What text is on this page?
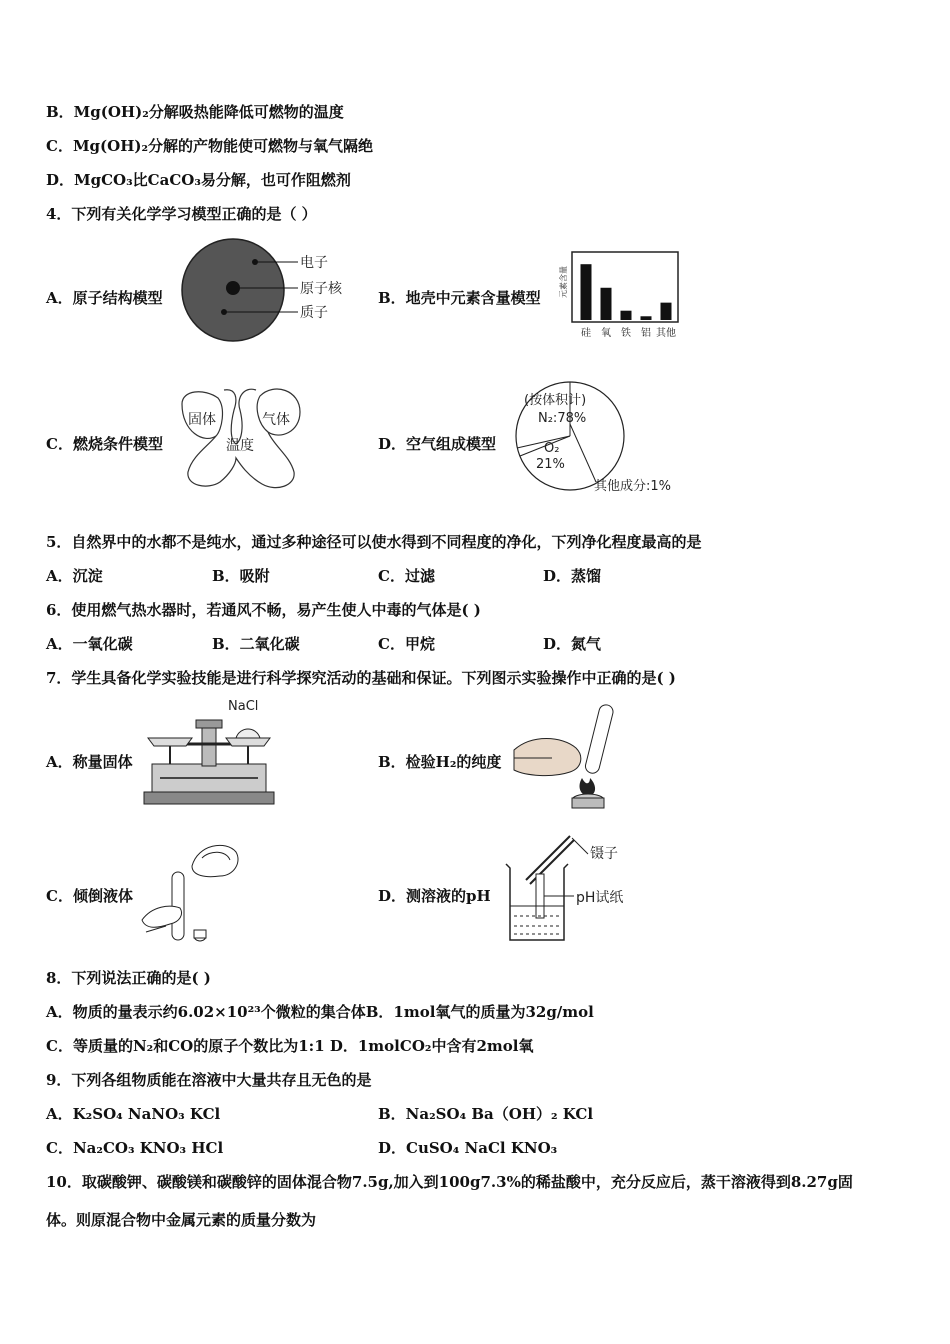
B．Mg(OH)₂分解吸热能降低可燃物的温度
C．Mg(OH)₂分解的产物能使可燃物与氧气隔绝
D．MgCO₃比CaCO₃易分解，也可作阻燃剂
4．下列有关化学学习模型正确的是（ ）
A．原子结构模型
电子
原子核
质子
B．地壳中元素含量模型 元素含量
硅 氧 铁 铝 其他
C．燃烧条件模型
固体	气体
温度	D．空气组成模型
(按体积计)
N₂:78%
O₂
21%
其他成分:1%
5．自然界中的水都不是纯水，通过多种途径可以使水得到不同程度的净化，下列净化程度最高的是
A．沉淀	B．吸附	C．过滤	D．蒸馏
6．使用燃气热水器时，若通风不畅，易产生使人中毒的气体是( )
A．一氧化碳	B．二氧化碳	C．甲烷	D．氮气
7．学生具备化学实验技能是进行科学探究活动的基础和保证。下列图示实验操作中正确的是( )
A．称量固体
NaCl
B．检验H₂的纯度
C．倾倒液体	D．测溶液的pH
镊子
pH试纸
8．下列说法正确的是( )
A．物质的量表示约6.02×10²³个微粒的集合体B．1mol氧气的质量为32g/mol
C．等质量的N₂和CO的原子个数比为1:1 D．1molCO₂中含有2mol氧
9．下列各组物质能在溶液中大量共存且无色的是
A．K₂SO₄ NaNO₃ KCl	B．Na₂SO₄ Ba（OH）₂ KCl
C．Na₂CO₃ KNO₃ HCl	D．CuSO₄ NaCl KNO₃
10．取碳酸钾、碳酸镁和碳酸锌的固体混合物7.5g,加入到100g7.3%的稀盐酸中，充分反应后，蒸干溶液得到8.27g固
体。则原混合物中金属元素的质量分数为
